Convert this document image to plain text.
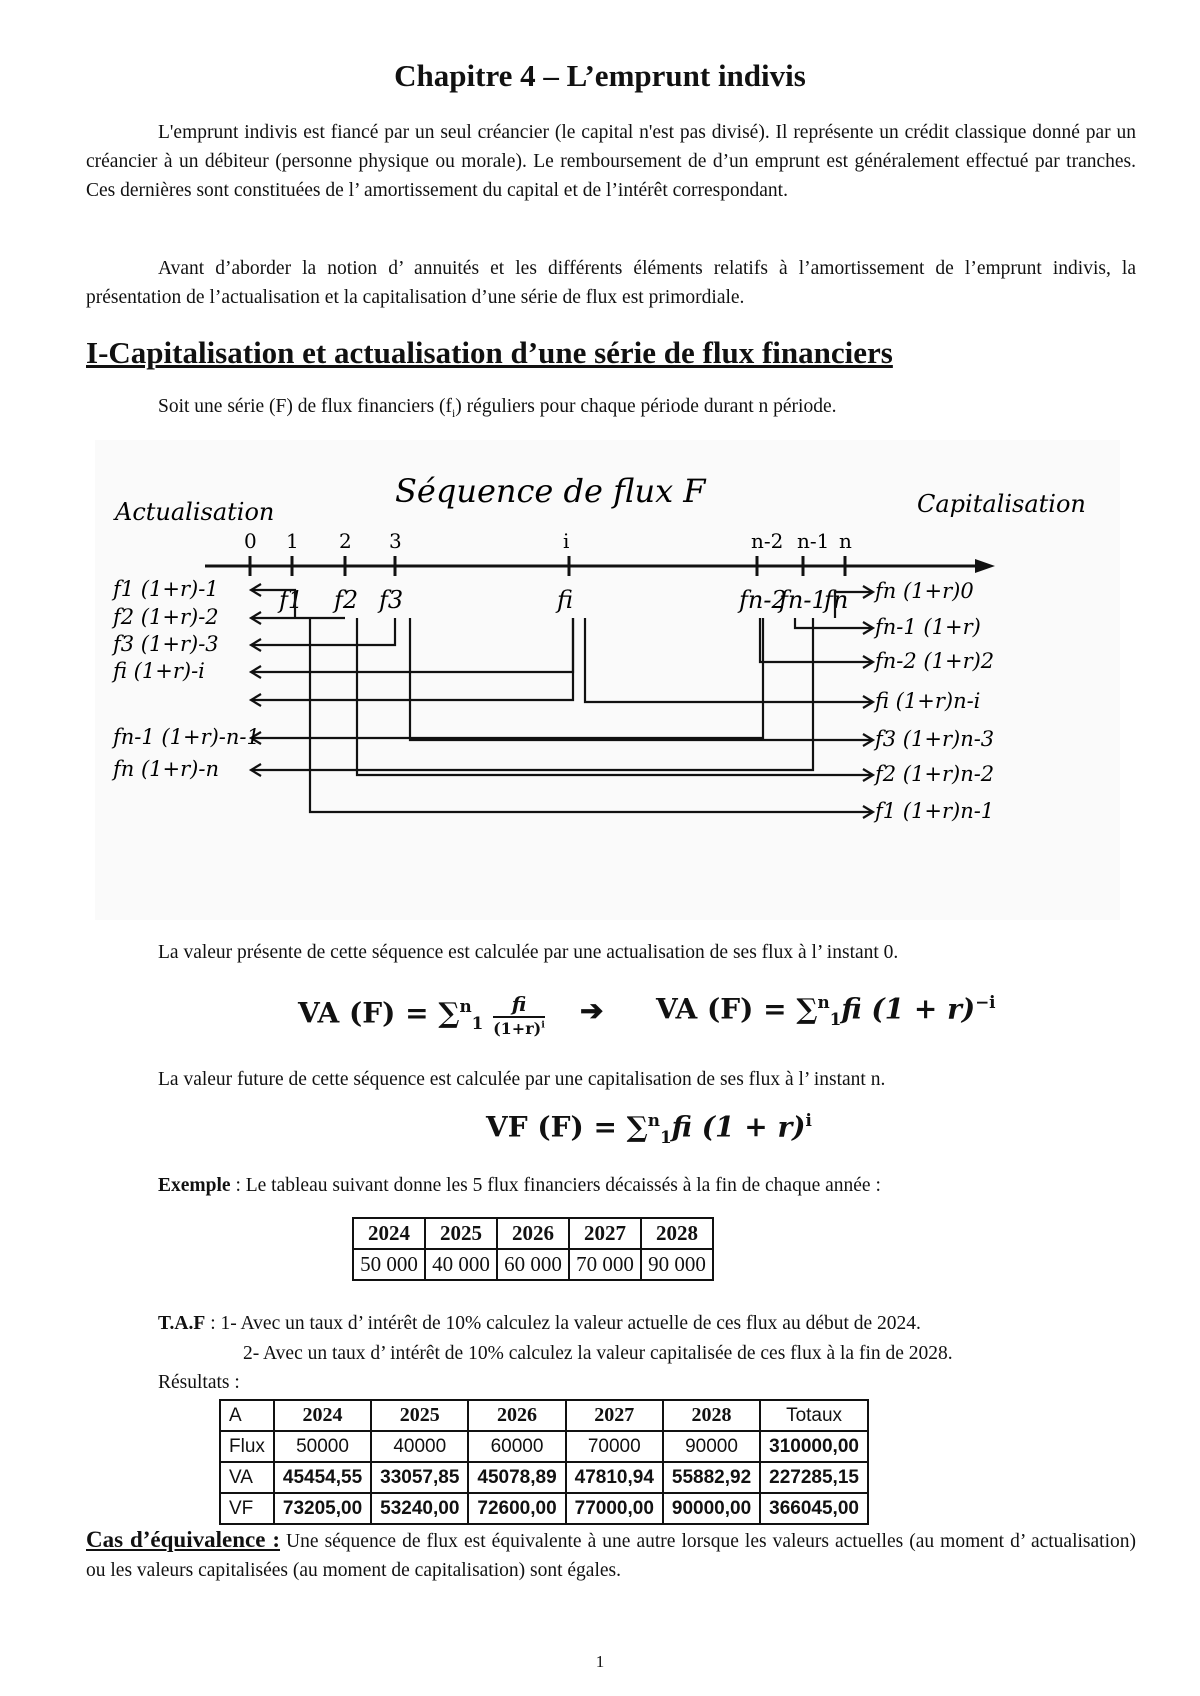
Chapitre 4 – L’emprunt indivis
L'emprunt indivis est fiancé par un seul créancier (le capital n'est pas divisé). Il représente un crédit classique donné par un créancier à un débiteur (personne physique ou morale). Le remboursement de d’un emprunt est généralement effectué par tranches. Ces dernières sont constituées de l’ amortissement du capital et de l’intérêt correspondant.
Avant d’aborder la notion d’ annuités et les différents éléments relatifs à l’amortissement de l’emprunt indivis, la présentation de l’actualisation et la capitalisation d’une série de flux est primordiale.
I-Capitalisation et actualisation d’une série de flux financiers
Soit une série (F) de flux financiers $(f_i)$ réguliers pour chaque période durant n période.
Séquence de flux F
Actualisation	Capitalisation
0 1 2 3	i	n-2 n-1 n
f1 f2 f3	fi	fn-2
fn-1
fn
f1 (1+r)-1
f2 (1+r)-2
f3 (1+r)-3
fi (1+r)-i
fn-1 (1+r)-n-1
fn (1+r)-n
fn (1+r)0
fn-1 (1+r)
fn-2 (1+r)2
fi (1+r)n-i
f3 (1+r)n-3
f2 (1+r)n-2
f1 (1+r)n-1
La valeur présente de cette séquence est calculée par une actualisation de ses flux à l’ instant 0.
VA $(F) = \sum^n_1 \frac{fi}{(1+r)^i}$ ➔ VA (F) = ∑$^n_1$fi $(1 + r)^{-i}$
La valeur future de cette séquence est calculée par une capitalisation de ses flux à l’ instant n.
VF (F) = ∑$^n_1$fi $(1 + r)^i$
Exemple : Le tableau suivant donne les 5 flux financiers décaissés à la fin de chaque année :
2024	2025	2026	2027	2028
50 000	40 000	60 000	70 000	90 000
T.A.F : 1- Avec un taux d’ intérêt de 10% calculez la valeur actuelle de ces flux au début de 2024.
2- Avec un taux d’ intérêt de 10% calculez la valeur capitalisée de ces flux à la fin de 2028.
Résultats :
A	2024	2025	2026	2027	2028	Totaux
Flux	50000	40000	60000	70000	90000	310000,00
VA	45454,55	33057,85	45078,89	47810,94	55882,92	227285,15
VF	73205,00	53240,00	72600,00	77000,00	90000,00	366045,00
Cas d’équivalence : Une séquence de flux est équivalente à une autre lorsque les valeurs actuelles (au moment d’ actualisation) ou les valeurs capitalisées (au moment de capitalisation) sont égales.
1
